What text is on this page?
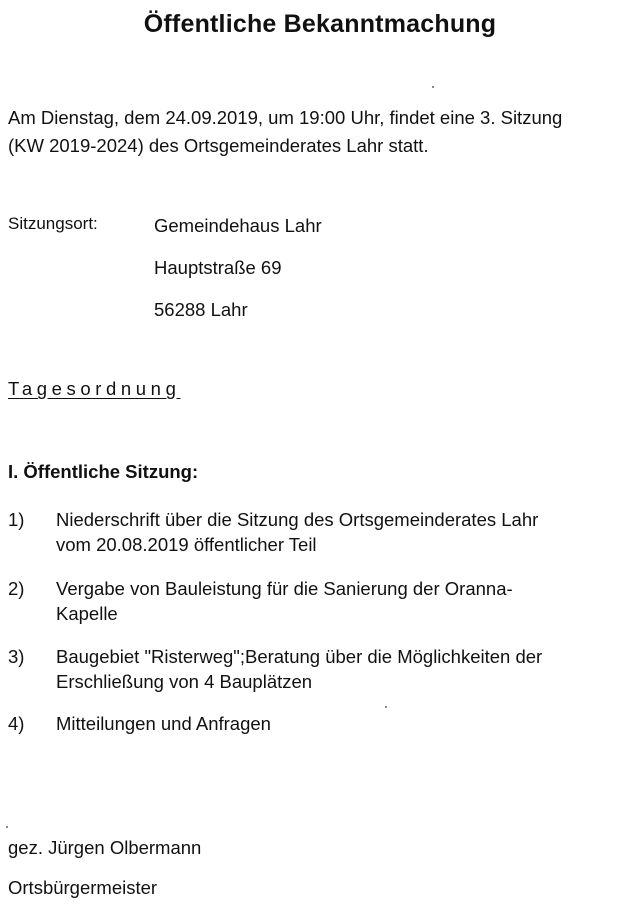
Öffentliche Bekanntmachung

Am Dienstag, dem 24.09.2019, um 19:00 Uhr, findet eine 3. Sitzung

(KW 2019-2024) des Ortsgemeinderates Lahr statt.

Sitzungsort:	Gemeindehaus Lahr
Hauptstraße 69
56288 Lahr
Tagesordnung
I. Öffentliche Sitzung:
1) Niederschrift über die Sitzung des Ortsgemeinderates Lahr
vom 20.08.2019 öffentlicher Teil
2) Vergabe von Bauleistung für die Sanierung der Oranna-
Kapelle
3) Baugebiet "Risterweg";Beratung über die Möglichkeiten der
Erschließung von 4 Bauplätzen
4) Mitteilungen und Anfragen
gez. Jürgen Olbermann
Ortsbürgermeister
